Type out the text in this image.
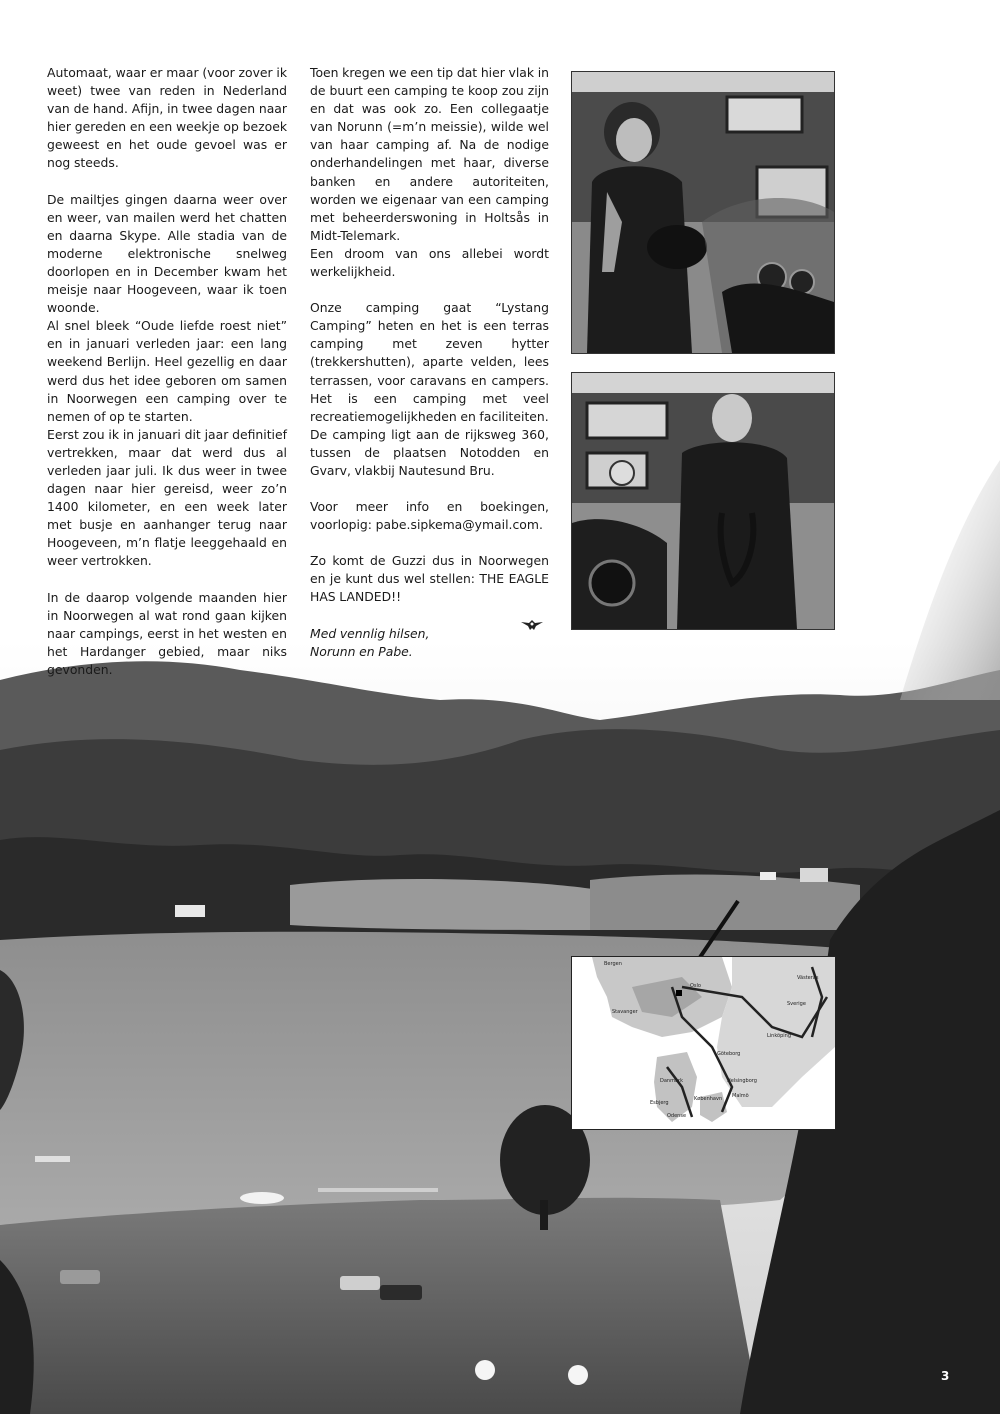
Automaat, waar er maar (voor zover ik weet) twee van reden in Nederland van de hand. Afijn, in twee dagen naar hier gereden en een weekje op bezoek geweest en het oude gevoel was er nog steeds.

De mailtjes gingen daarna weer over en weer, van mailen werd het chatten en daarna Skype. Alle stadia van de moderne elektronische snelweg doorlopen en in December kwam het meisje naar Hoogeveen, waar ik toen woonde.

Al snel bleek “Oude liefde roest niet” en in januari verleden jaar: een lang weekend Berlijn. Heel gezellig en daar werd dus het idee geboren om samen in Noorwegen een camping over te nemen of op te starten.

Eerst zou ik in januari dit jaar definitief vertrekken, maar dat werd dus al verleden jaar juli. Ik dus weer in twee dagen naar hier gereisd, weer zo’n 1400 kilometer, en een week later met busje en aanhanger terug naar Hoogeveen, m’n flatje leeggehaald en weer vertrokken.

In de daarop volgende maanden hier in Noorwegen al wat rond gaan kijken naar campings, eerst in het westen en het Hardanger gebied, maar niks gevonden.

Toen kregen we een tip dat hier vlak in de buurt een camping te koop zou zijn en dat was ook zo. Een collegaatje van Norunn (=m’n meissie), wilde wel van haar camping af. Na de nodige onderhandelingen met haar, diverse banken en andere autoriteiten, worden we eigenaar van een camping met beheerderswoning in Holtsås in Midt-Telemark.

Een droom van ons allebei wordt werkelijkheid.

Onze camping gaat “Lystang Camping” heten en het is een terras camping met zeven hytter (trekkershutten), aparte velden, lees terrassen, voor caravans en campers. Het is een camping met veel recreatiemogelijkheden en faciliteiten.

De camping ligt aan de rijksweg 360, tussen de plaatsen Notodden en Gvarv, vlakbij Nautesund Bru.

Voor meer info en boekingen, voorlopig: pabe.sipkema@ymail.com.

Zo komt de Guzzi dus in Noorwegen en je kunt dus wel stellen: THE EAGLE HAS LANDED!!

Med vennlig hilsen,
Norunn en Pabe.
Bergen
Oslo
Stavanger
Västerås
Sverige
Linköping
Danmark
Göteborg
København Malmö
Odense
Esbjerg
Helsingborg
3
